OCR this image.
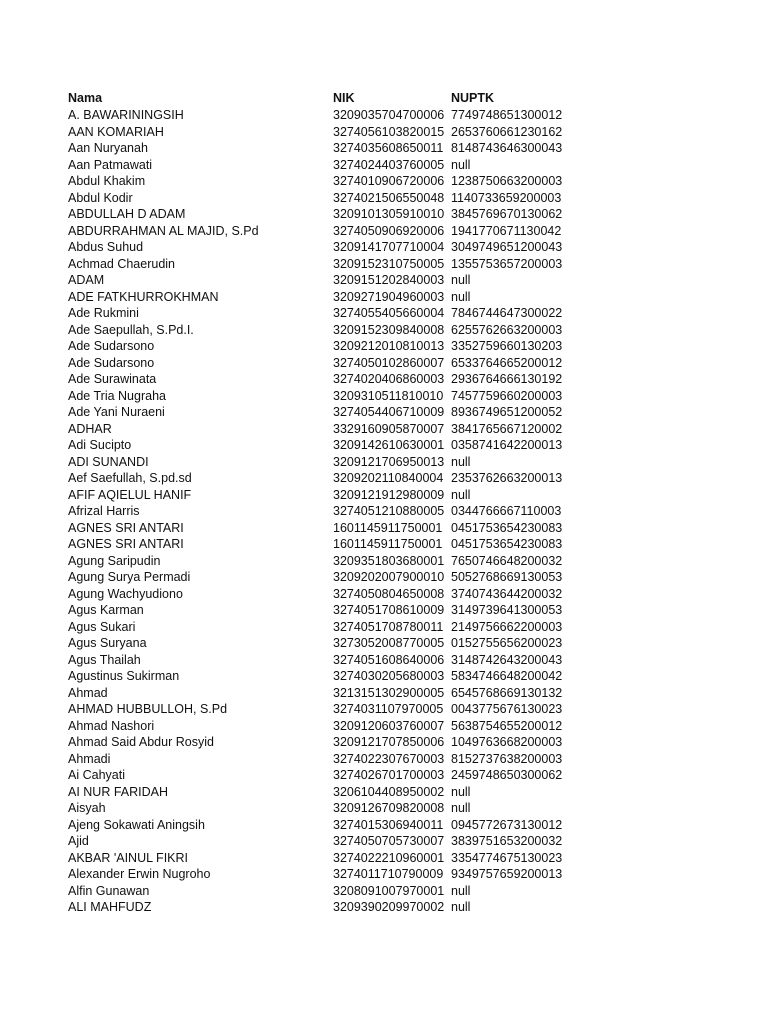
Nama	NIK	NUPTK
A. BAWARININGSIH	3209035704700006 7749748651300012
AAN KOMARIAH	3274056103820015 2653760661230162
Aan Nuryanah	3274035608650011 8148743646300043
Aan Patmawati	3274024403760005 null
Abdul Khakim	3274010906720006 1238750663200003
Abdul Kodir	3274021506550048 1140733659200003
ABDULLAH D ADAM	3209101305910010 3845769670130062
ABDURRAHMAN AL MAJID, S.Pd	3274050906920006 1941770671130042
Abdus Suhud	3209141707710004 3049749651200043
Achmad Chaerudin	3209152310750005 1355753657200003
ADAM	3209151202840003 null
ADE FATKHURROKHMAN	3209271904960003 null
Ade Rukmini	3274055405660004 7846744647300022
Ade Saepullah, S.Pd.I.	3209152309840008 6255762663200003
Ade Sudarsono	3209212010810013 3352759660130203
Ade Sudarsono	3274050102860007 6533764665200012
Ade Surawinata	3274020406860003 2936764666130192
Ade Tria Nugraha	3209310511810010 7457759660200003
Ade Yani Nuraeni	3274054406710009 8936749651200052
ADHAR	3329160905870007 3841765667120002
Adi Sucipto	3209142610630001 0358741642200013
ADI SUNANDI	3209121706950013 null
Aef Saefullah, S.pd.sd	3209202110840004 2353762663200013
AFIF AQIELUL HANIF	3209121912980009 null
Afrizal Harris	3274051210880005 0344766667110003
AGNES SRI ANTARI	1601145911750001 0451753654230083
AGNES SRI ANTARI	1601145911750001 0451753654230083
Agung Saripudin	3209351803680001 7650746648200032
Agung Surya Permadi	3209202007900010 5052768669130053
Agung Wachyudiono	3274050804650008 3740743644200032
Agus Karman	3274051708610009 3149739641300053
Agus Sukari	3274051708780011 2149756662200003
Agus Suryana	3273052008770005 0152755656200023
Agus Thailah	3274051608640006 3148742643200043
Agustinus Sukirman	3274030205680003 5834746648200042
Ahmad	3213151302900005 6545768669130132
AHMAD HUBBULLOH, S.Pd	3274031107970005 0043775676130023
Ahmad Nashori	3209120603760007 5638754655200012
Ahmad Said Abdur Rosyid	3209121707850006 1049763668200003
Ahmadi	3274022307670003 8152737638200003
Ai Cahyati	3274026701700003 2459748650300062
AI NUR FARIDAH	3206104408950002 null
Aisyah	3209126709820008 null
Ajeng Sokawati Aningsih	3274015306940011 0945772673130012
Ajid	3274050705730007 3839751653200032
AKBAR 'AINUL FIKRI	3274022210960001 3354774675130023
Alexander Erwin Nugroho	3274011710790009 9349757659200013
Alfin Gunawan	3208091007970001 null
ALI MAHFUDZ	3209390209970002 null
